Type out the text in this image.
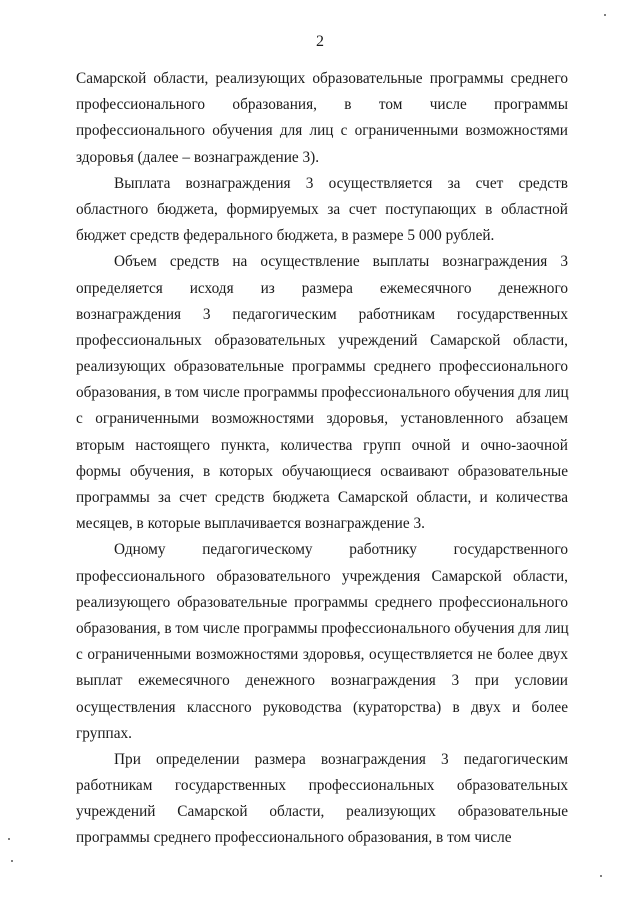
2
Самарской области, реализующих образовательные программы среднего
профессионального образования, в том числе программы
профессионального обучения для лиц с ограниченными возможностями
здоровья (далее – вознаграждение 3).
Выплата вознаграждения 3 осуществляется за счет средств
областного бюджета, формируемых за счет поступающих в областной
бюджет средств федерального бюджета, в размере 5 000 рублей.
Объем средств на осуществление выплаты вознаграждения 3
определяется исходя из размера ежемесячного денежного
вознаграждения 3 педагогическим работникам государственных
профессиональных образовательных учреждений Самарской области,
реализующих образовательные программы среднего профессионального
образования, в том числе программы профессионального обучения для лиц
с ограниченными возможностями здоровья, установленного абзацем
вторым настоящего пункта, количества групп очной и очно-заочной
формы обучения, в которых обучающиеся осваивают образовательные
программы за счет средств бюджета Самарской области, и количества
месяцев, в которые выплачивается вознаграждение 3.
Одному педагогическому работнику государственного
профессионального образовательного учреждения Самарской области,
реализующего образовательные программы среднего профессионального
образования, в том числе программы профессионального обучения для лиц
с ограниченными возможностями здоровья, осуществляется не более двух
выплат ежемесячного денежного вознаграждения 3 при условии
осуществления классного руководства (кураторства) в двух и более
группах.
При определении размера вознаграждения 3 педагогическим
работникам государственных профессиональных образовательных
учреждений Самарской области, реализующих образовательные
программы среднего профессионального образования, в том числе
